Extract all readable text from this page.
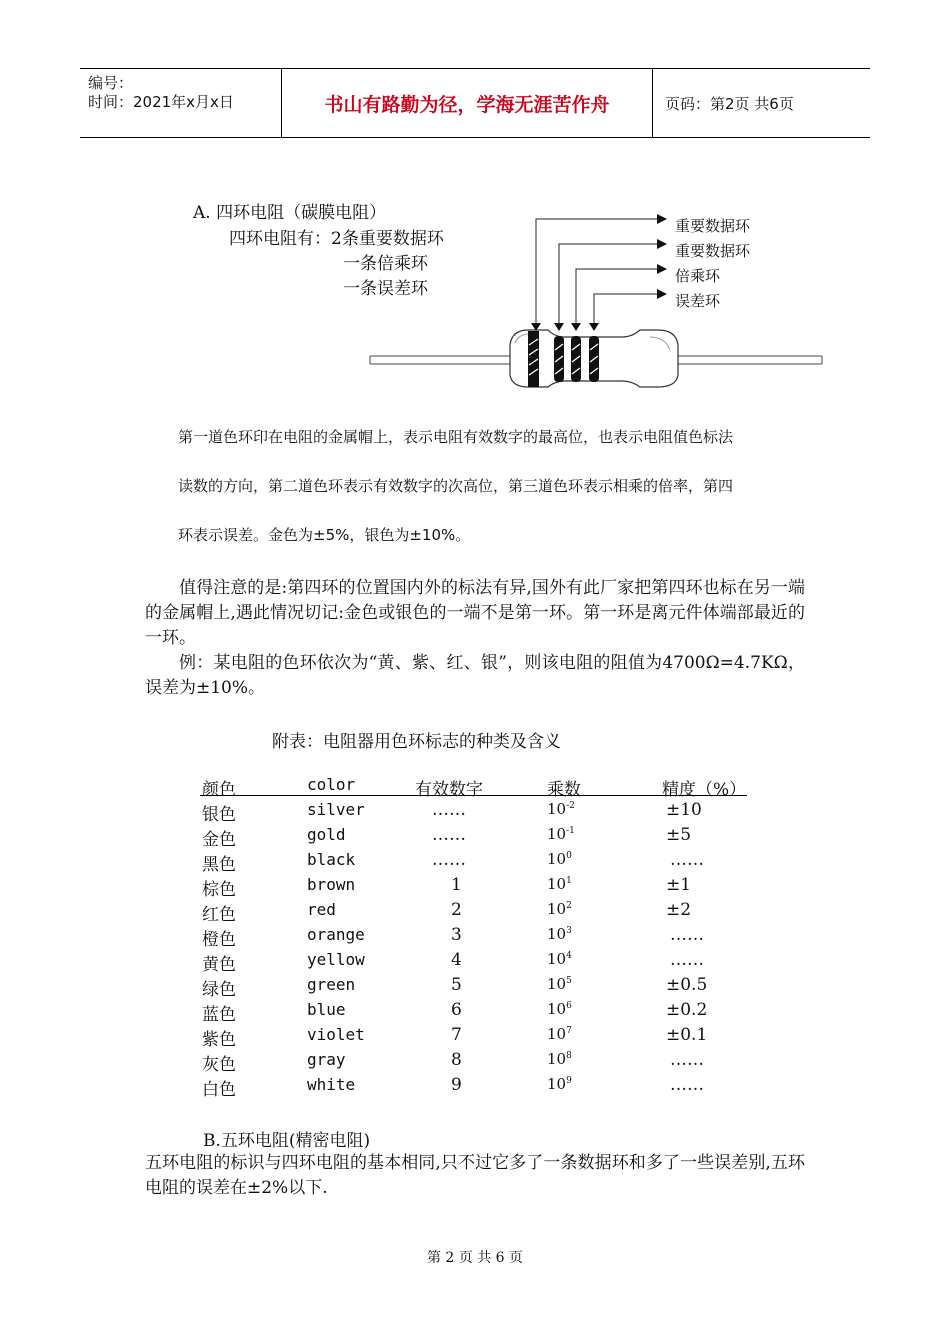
编号：
时间：2021年x月x日	书山有路勤为径，学海无涯苦作舟	页码：第2页 共6页
A. 四环电阻（碳膜电阻）
四环电阻有：2条重要数据环
一条倍乘环
一条误差环
重要数据环
重要数据环
倍乘环
误差环
第一道色环印在电阻的金属帽上，表示电阻有效数字的最高位，也表示电阻值色标法
读数的方向，第二道色环表示有效数字的次高位，第三道色环表示相乘的倍率，第四
环表示误差。金色为±5%，银色为±10%。
值得注意的是:第四环的位置国内外的标法有异,国外有此厂家把第四环也标在另一端的金属帽上,遇此情况切记:金色或银色的一端不是第一环。第一环是离元件体端部最近的一环。
例：某电阻的色环依次为“黄、紫、红、银”，则该电阻的阻值为4700Ω=4.7KΩ，误差为±10%。
附表：电阻器用色环标志的种类及含义
颜色	color	有效数字	乘数	精度（%）
银色	silver	……	$10^{-2}$	±10
金色	gold	……	$10^{-1}$	±5
黑色	black	……	$10^0$	……
棕色	brown	1	$10^1$	±1
红色	red	2	$10^2$	±2
橙色	orange	3	$10^3$	……
黄色	yellow	4	$10^4$	……
绿色	green	5	$10^5$	±0.5
蓝色	blue	6	$10^6$	±0.2
紫色	violet	7	$10^7$	±0.1
灰色	gray	8	$10^8$	……
白色	white	9	$10^9$	……
B.五环电阻(精密电阻)
五环电阻的标识与四环电阻的基本相同,只不过它多了一条数据环和多了一些误差别,五环电阻的误差在±2%以下.
第 2 页 共 6 页
